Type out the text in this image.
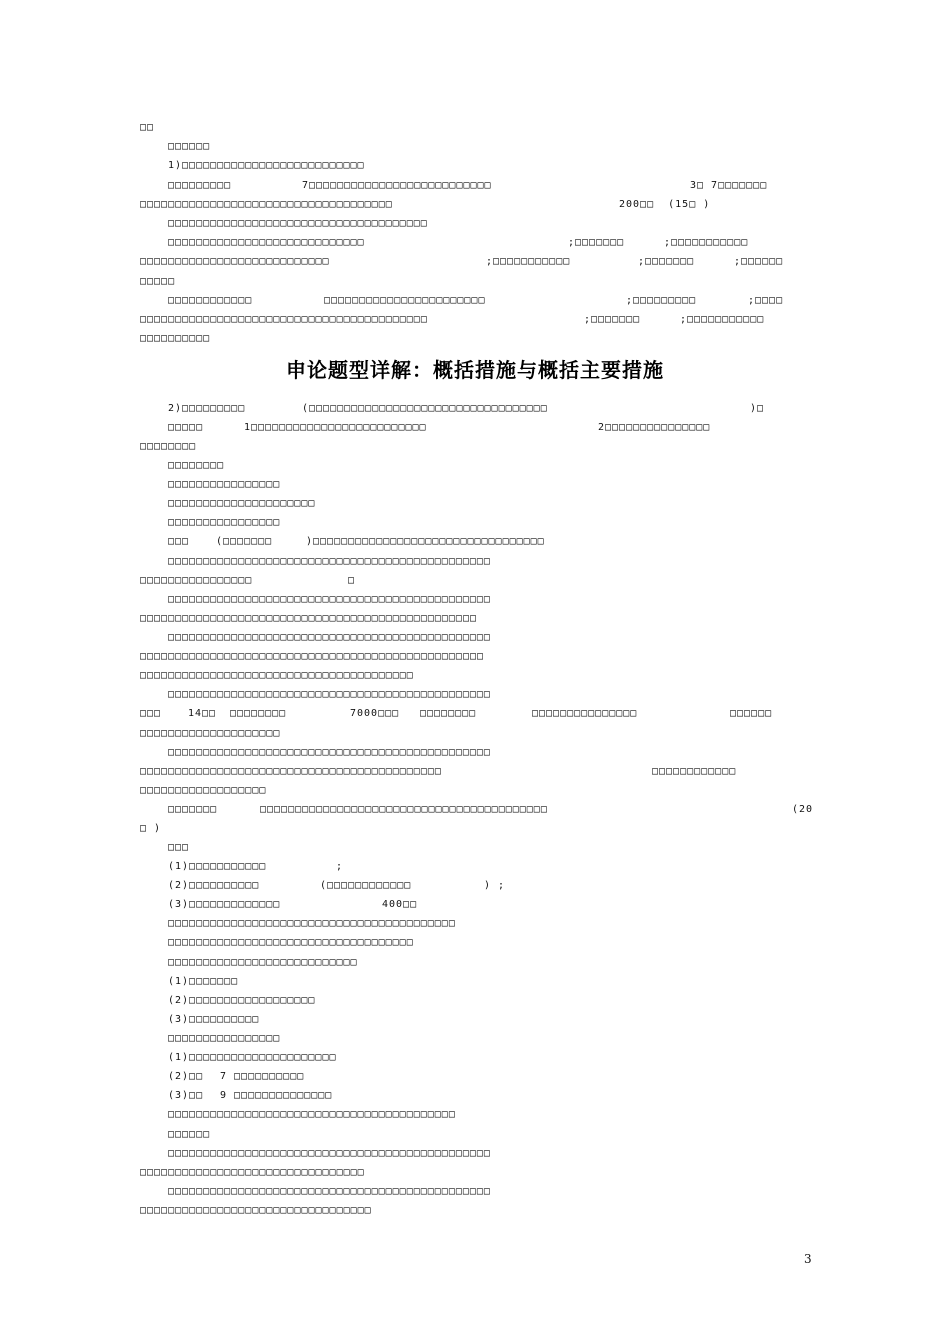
□□
□□□□□□
1)□□□□□□□□□□□□□□□□□□□□□□□□□□
□□□□□□□□□	7□□□□□□□□□□□□□□□□□□□□□□□□□□	3□ 7□□□□□□□
□□□□□□□□□□□□□□□□□□□□□□□□□□□□□□□□□□□□	200□□  (15□ )
□□□□□□□□□□□□□□□□□□□□□□□□□□□□□□□□□□□□□
□□□□□□□□□□□□□□□□□□□□□□□□□□□□	;□□□□□□□	;□□□□□□□□□□□
□□□□□□□□□□□□□□□□□□□□□□□□□□□	;□□□□□□□□□□□	;□□□□□□□	;□□□□□□
□□□□□
□□□□□□□□□□□□	□□□□□□□□□□□□□□□□□□□□□□□	;□□□□□□□□□	;□□□□
□□□□□□□□□□□□□□□□□□□□□□□□□□□□□□□□□□□□□□□□□	;□□□□□□□	;□□□□□□□□□□□
□□□□□□□□□□
2)□□□□□□□□□	(□□□□□□□□□□□□□□□□□□□□□□□□□□□□□□□□□□	)□
□□□□□	1□□□□□□□□□□□□□□□□□□□□□□□□□	2□□□□□□□□□□□□□□□
□□□□□□□□
□□□□□□□□
□□□□□□□□□□□□□□□□
□□□□□□□□□□□□□□□□□□□□□
□□□□□□□□□□□□□□□□
□□□	(□□□□□□□	)□□□□□□□□□□□□□□□□□□□□□□□□□□□□□□□□□
□□□□□□□□□□□□□□□□□□□□□□□□□□□□□□□□□□□□□□□□□□□□□□
□□□□□□□□□□□□□□□□	□
□□□□□□□□□□□□□□□□□□□□□□□□□□□□□□□□□□□□□□□□□□□□□□
□□□□□□□□□□□□□□□□□□□□□□□□□□□□□□□□□□□□□□□□□□□□□□□□
□□□□□□□□□□□□□□□□□□□□□□□□□□□□□□□□□□□□□□□□□□□□□□
□□□□□□□□□□□□□□□□□□□□□□□□□□□□□□□□□□□□□□□□□□□□□□□□□
□□□□□□□□□□□□□□□□□□□□□□□□□□□□□□□□□□□□□□□
□□□□□□□□□□□□□□□□□□□□□□□□□□□□□□□□□□□□□□□□□□□□□□
□□□	14□□ □□□□□□□□	7000□□□ □□□□□□□□	□□□□□□□□□□□□□□□	□□□□□□
□□□□□□□□□□□□□□□□□□□□
□□□□□□□□□□□□□□□□□□□□□□□□□□□□□□□□□□□□□□□□□□□□□□
□□□□□□□□□□□□□□□□□□□□□□□□□□□□□□□□□□□□□□□□□□□	□□□□□□□□□□□□
□□□□□□□□□□□□□□□□□□
□□□□□□□	□□□□□□□□□□□□□□□□□□□□□□□□□□□□□□□□□□□□□□□□□	(20
□ )
□□□
(1)□□□□□□□□□□□	;
(2)□□□□□□□□□□	(□□□□□□□□□□□□	) ;
(3)□□□□□□□□□□□□□	400□□
□□□□□□□□□□□□□□□□□□□□□□□□□□□□□□□□□□□□□□□□□
□□□□□□□□□□□□□□□□□□□□□□□□□□□□□□□□□□□
□□□□□□□□□□□□□□□□□□□□□□□□□□□
(1)□□□□□□□
(2)□□□□□□□□□□□□□□□□□□
(3)□□□□□□□□□□
□□□□□□□□□□□□□□□□
(1)□□□□□□□□□□□□□□□□□□□□□
(2)□□ 7 □□□□□□□□□□
(3)□□ 9 □□□□□□□□□□□□□□
□□□□□□□□□□□□□□□□□□□□□□□□□□□□□□□□□□□□□□□□□
□□□□□□
□□□□□□□□□□□□□□□□□□□□□□□□□□□□□□□□□□□□□□□□□□□□□□
□□□□□□□□□□□□□□□□□□□□□□□□□□□□□□□□
□□□□□□□□□□□□□□□□□□□□□□□□□□□□□□□□□□□□□□□□□□□□□□
□□□□□□□□□□□□□□□□□□□□□□□□□□□□□□□□□
申论题型详解：概括措施与概括主要措施
3
